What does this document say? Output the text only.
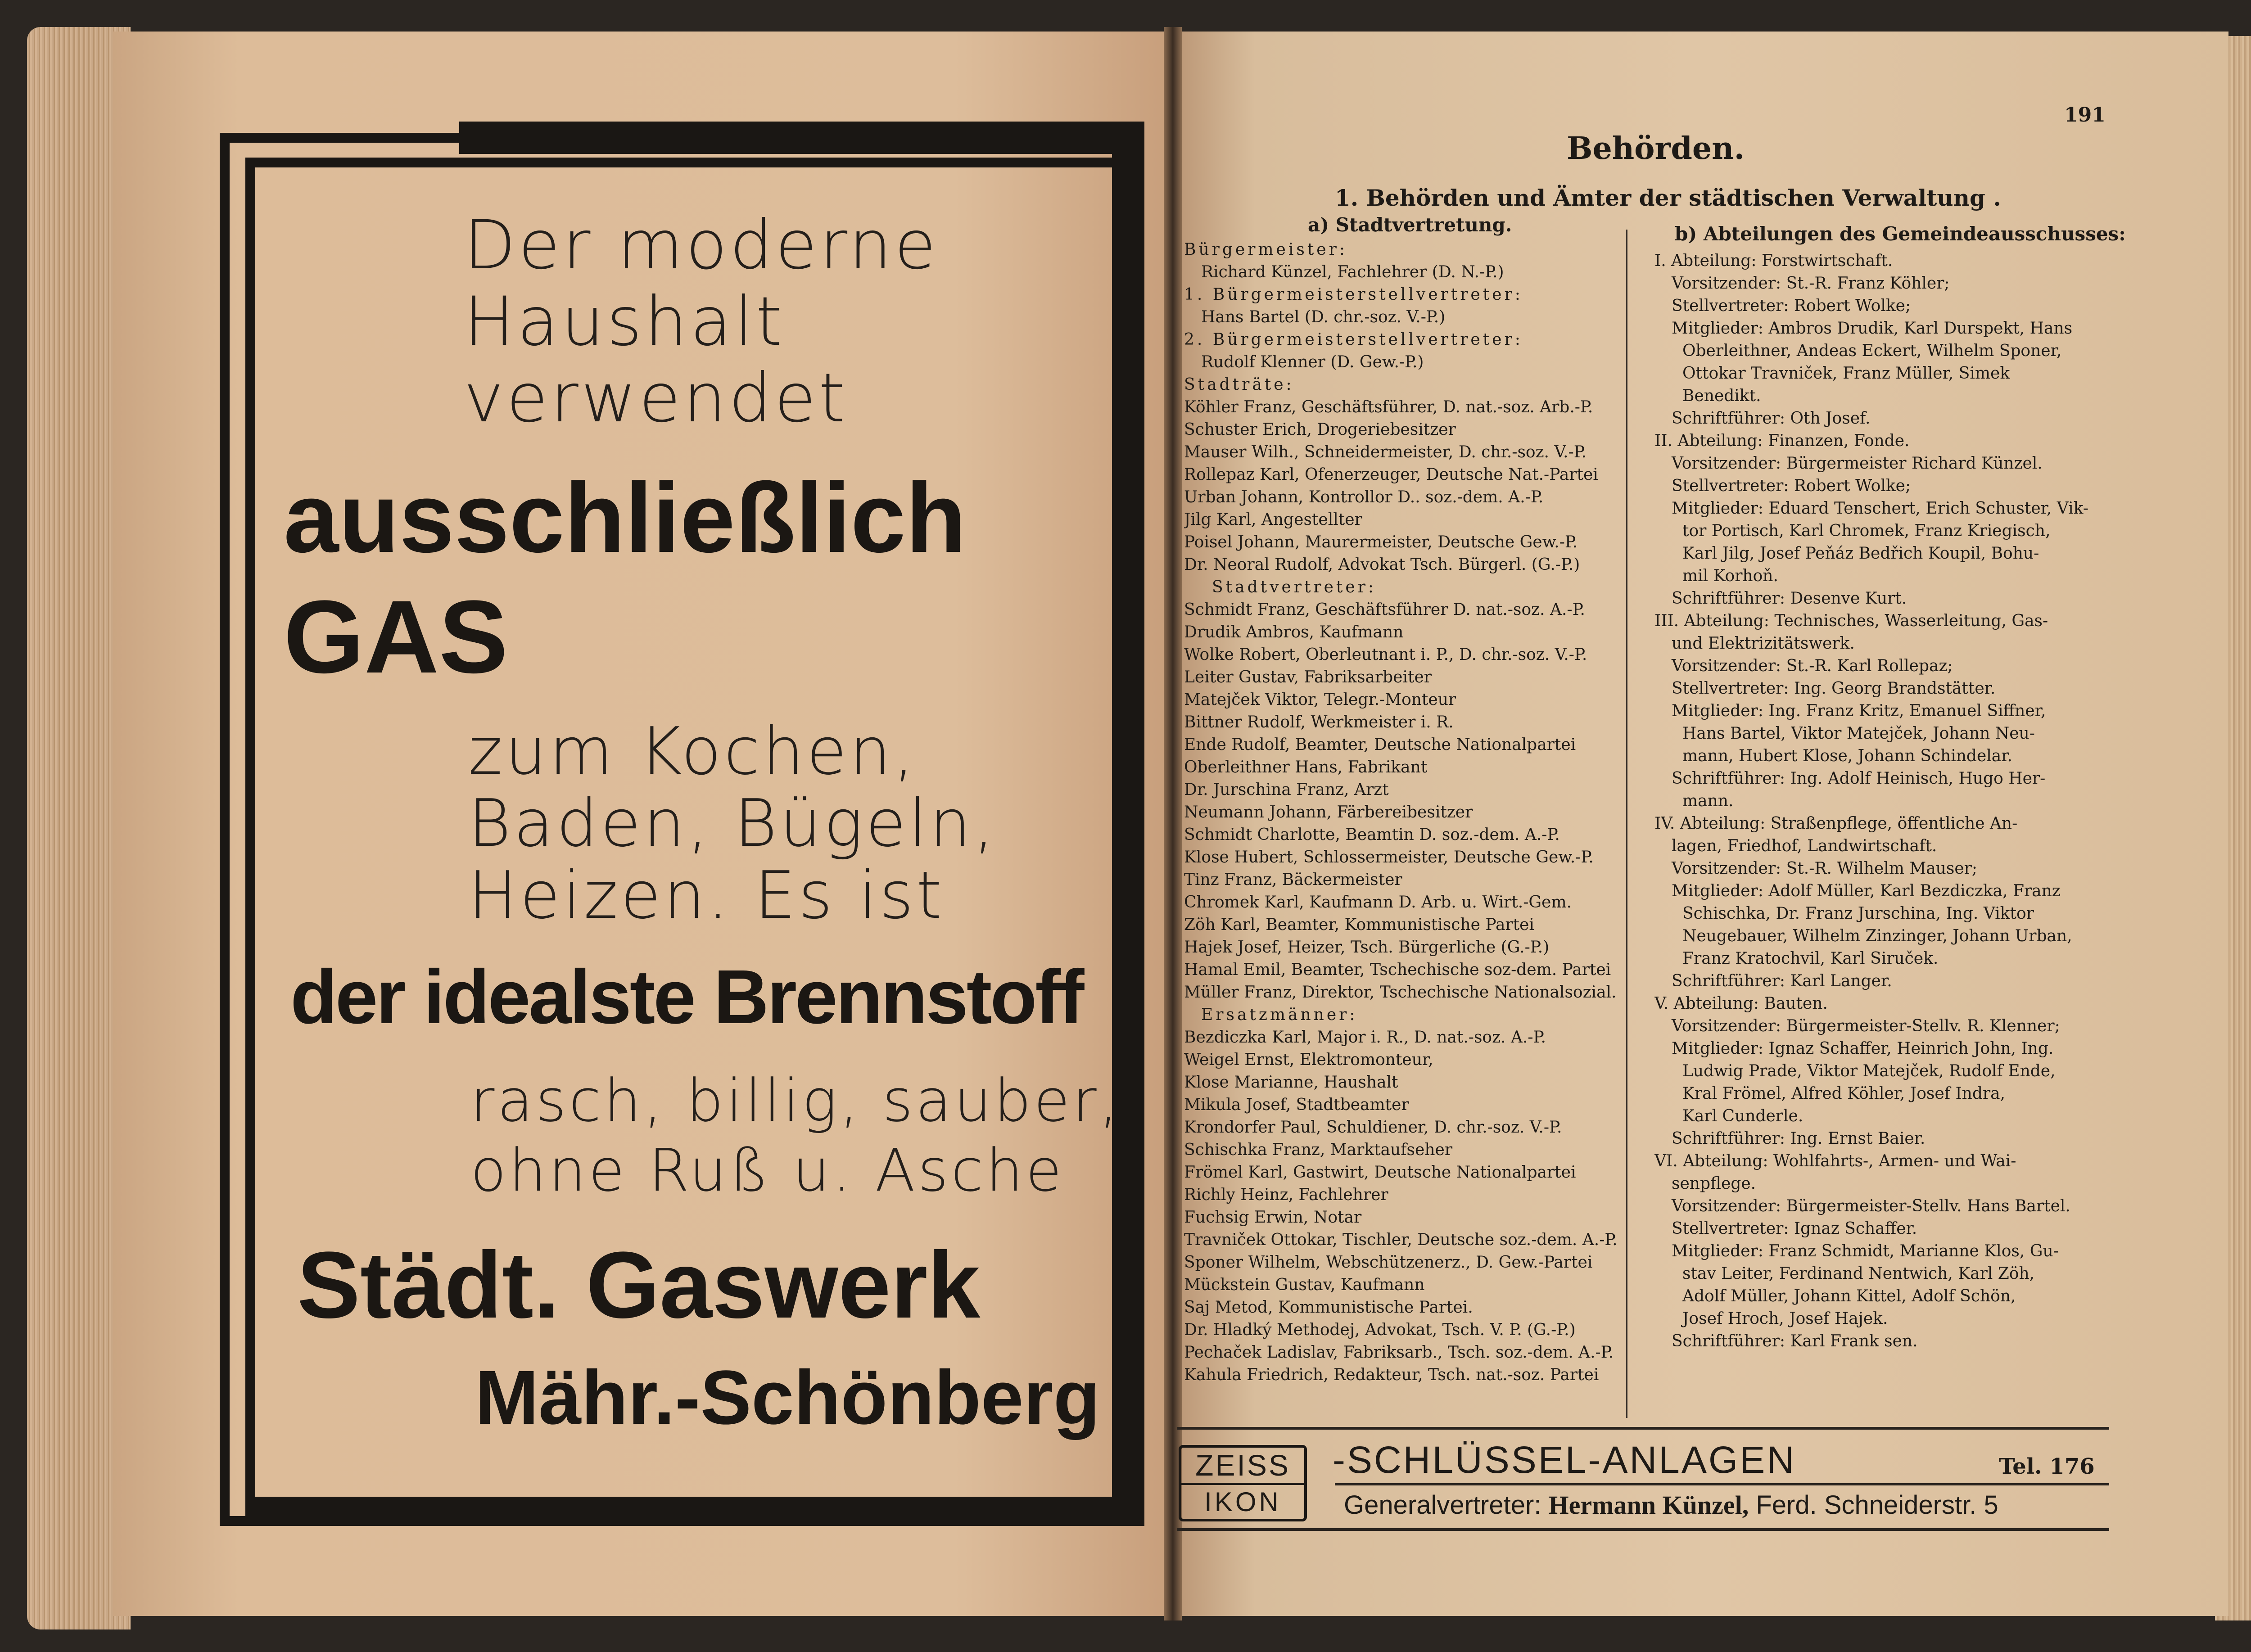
Der moderne
Haushalt
verwendet
ausschließlich
GAS
zum Kochen,
Baden, Bügeln,
Heizen. Es ist
der idealste Brennstoff
rasch, billig, sauber,
ohne Ruß u. Asche
Städt. Gaswerk
Mähr.-Schönberg
191
Behörden.
1. Behörden und Ämter der städtischen Verwaltung .
a) Stadtvertretung.	b) Abteilungen des Gemeindeausschusses:
Bürgermeister:
Richard Künzel, Fachlehrer (D. N.-P.)
1. Bürgermeisterstellvertreter:
Hans Bartel (D. chr.-soz. V.-P.)
2. Bürgermeisterstellvertreter:
Rudolf Klenner (D. Gew.-P.)
Stadträte:
Köhler Franz, Geschäftsführer, D. nat.-soz. Arb.-P.
Schuster Erich, Drogeriebesitzer
Mauser Wilh., Schneidermeister, D. chr.-soz. V.-P.
Rollepaz Karl, Ofenerzeuger, Deutsche Nat.-Partei
Urban Johann, Kontrollor D.. soz.-dem. A.-P.
Jilg Karl, Angestellter
Poisel Johann, Maurermeister, Deutsche Gew.-P.
Dr. Neoral Rudolf, Advokat Tsch. Bürgerl. (G.-P.)
Stadtvertreter:
Schmidt Franz, Geschäftsführer D. nat.-soz. A.-P.
Drudik Ambros, Kaufmann
Wolke Robert, Oberleutnant i. P., D. chr.-soz. V.-P.
Leiter Gustav, Fabriksarbeiter
Matejček Viktor, Telegr.-Monteur
Bittner Rudolf, Werkmeister i. R.
Ende Rudolf, Beamter, Deutsche Nationalpartei
Oberleithner Hans, Fabrikant
Dr. Jurschina Franz, Arzt
Neumann Johann, Färbereibesitzer
Schmidt Charlotte, Beamtin D. soz.-dem. A.-P.
Klose Hubert, Schlossermeister, Deutsche Gew.-P.
Tinz Franz, Bäckermeister
Chromek Karl, Kaufmann D. Arb. u. Wirt.-Gem.
Zöh Karl, Beamter, Kommunistische Partei
Hajek Josef, Heizer, Tsch. Bürgerliche (G.-P.)
Hamal Emil, Beamter, Tschechische soz-dem. Partei
Müller Franz, Direktor, Tschechische Nationalsozial.
Ersatzmänner:
Bezdiczka Karl, Major i. R., D. nat.-soz. A.-P.
Weigel Ernst, Elektromonteur,
Klose Marianne, Haushalt
Mikula Josef, Stadtbeamter
Krondorfer Paul, Schuldiener, D. chr.-soz. V.-P.
Schischka Franz, Marktaufseher
Frömel Karl, Gastwirt, Deutsche Nationalpartei
Richly Heinz, Fachlehrer
Fuchsig Erwin, Notar
Travniček Ottokar, Tischler, Deutsche soz.-dem. A.-P.
Sponer Wilhelm, Webschützenerz., D. Gew.-Partei
Mückstein Gustav, Kaufmann
Saj Metod, Kommunistische Partei.
Dr. Hladký Methodej, Advokat, Tsch. V. P. (G.-P.)
Pechaček Ladislav, Fabriksarb., Tsch. soz.-dem. A.-P.
Kahula Friedrich, Redakteur, Tsch. nat.-soz. Partei
I. Abteilung: Forstwirtschaft.
Vorsitzender: St.-R. Franz Köhler;
Stellvertreter: Robert Wolke;
Mitglieder: Ambros Drudik, Karl Durspekt, Hans
Oberleithner, Andeas Eckert, Wilhelm Sponer,
Ottokar Travniček, Franz Müller, Simek
Benedikt.
Schriftführer: Oth Josef.
II. Abteilung: Finanzen, Fonde.
Vorsitzender: Bürgermeister Richard Künzel.
Stellvertreter: Robert Wolke;
Mitglieder: Eduard Tenschert, Erich Schuster, Vik-
tor Portisch, Karl Chromek, Franz Kriegisch,
Karl Jilg, Josef Peňáz Bedřich Koupil, Bohu-
mil Korhoň.
Schriftführer: Desenve Kurt.
III. Abteilung: Technisches, Wasserleitung, Gas-
und Elektrizitätswerk.
Vorsitzender: St.-R. Karl Rollepaz;
Stellvertreter: Ing. Georg Brandstätter.
Mitglieder: Ing. Franz Kritz, Emanuel Siffner,
Hans Bartel, Viktor Matejček, Johann Neu-
mann, Hubert Klose, Johann Schindelar.
Schriftführer: Ing. Adolf Heinisch, Hugo Her-
mann.
IV. Abteilung: Straßenpflege, öffentliche An-
lagen, Friedhof, Landwirtschaft.
Vorsitzender: St.-R. Wilhelm Mauser;
Mitglieder: Adolf Müller, Karl Bezdiczka, Franz
Schischka, Dr. Franz Jurschina, Ing. Viktor
Neugebauer, Wilhelm Zinzinger, Johann Urban,
Franz Kratochvil, Karl Siruček.
Schriftführer: Karl Langer.
V. Abteilung: Bauten.
Vorsitzender: Bürgermeister-Stellv. R. Klenner;
Mitglieder: Ignaz Schaffer, Heinrich John, Ing.
Ludwig Prade, Viktor Matejček, Rudolf Ende,
Kral Frömel, Alfred Köhler, Josef Indra,
Karl Cunderle.
Schriftführer: Ing. Ernst Baier.
VI. Abteilung: Wohlfahrts-, Armen- und Wai-
senpflege.
Vorsitzender: Bürgermeister-Stellv. Hans Bartel.
Stellvertreter: Ignaz Schaffer.
Mitglieder: Franz Schmidt, Marianne Klos, Gu-
stav Leiter, Ferdinand Nentwich, Karl Zöh,
Adolf Müller, Johann Kittel, Adolf Schön,
Josef Hroch, Josef Hajek.
Schriftführer: Karl Frank sen.
ZEISS
IKON
-SCHLÜSSEL-ANLAGEN	Tel. 176
Generalvertreter: Hermann Künzel, Ferd. Schneiderstr. 5
